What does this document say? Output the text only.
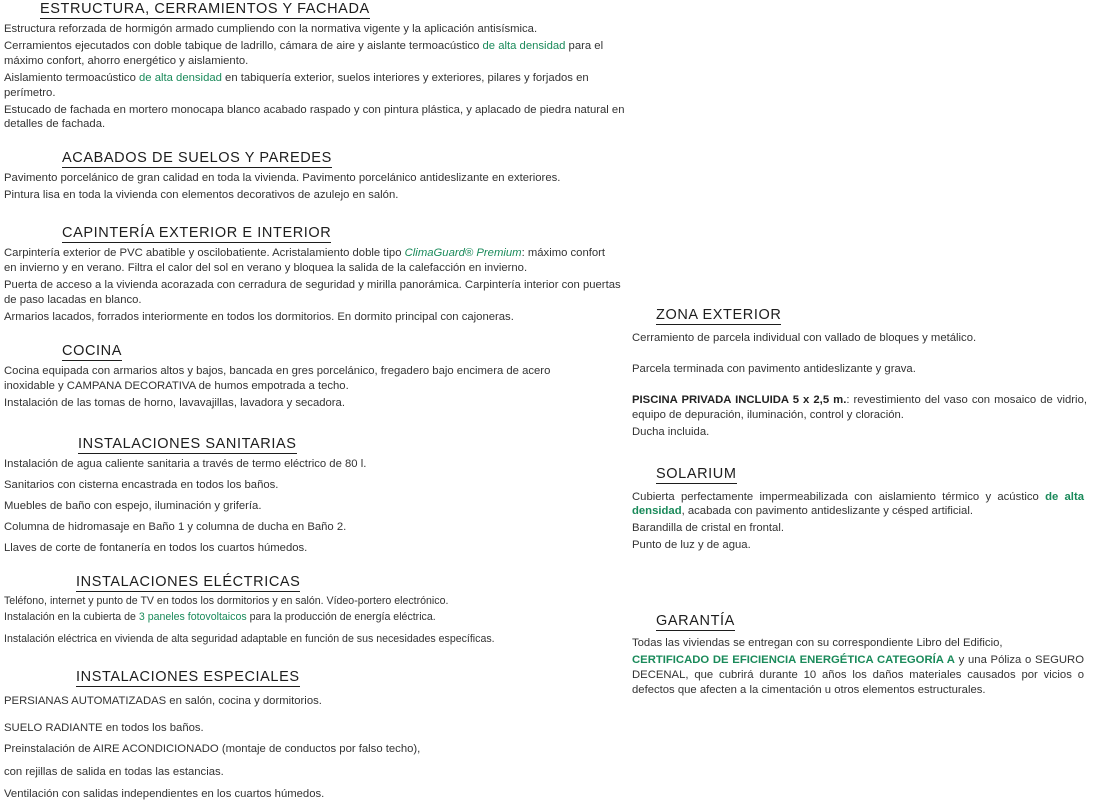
ESTRUCTURA, CERRAMIENTOS Y FACHADA

Estructura reforzada de hormigón armado cumpliendo con la normativa vigente y la aplicación antisísmica.

Cerramientos ejecutados con doble tabique de ladrillo, cámara de aire y aislante termoacústico de alta densidad para el máximo confort, ahorro energético y aislamiento.

Aislamiento termoacústico de alta densidad en tabiquería exterior, suelos interiores y exteriores, pilares y forjados en perímetro.

Estucado de fachada en mortero monocapa blanco acabado raspado y con pintura plástica, y aplacado de piedra natural en detalles de fachada.

ACABADOS DE SUELOS Y PAREDES

Pavimento porcelánico de gran calidad en toda la vivienda. Pavimento porcelánico antideslizante en exteriores.

Pintura lisa en toda la vivienda con elementos decorativos de azulejo en salón.

CAPINTERÍA EXTERIOR E INTERIOR

Carpintería exterior de PVC abatible y oscilobatiente. Acristalamiento doble tipo ClimaGuard® Premium: máximo confort en invierno y en verano. Filtra el calor del sol en verano y bloquea la salida de la calefacción en invierno.

Puerta de acceso a la vivienda acorazada con cerradura de seguridad y mirilla panorámica. Carpintería interior con puertas de paso lacadas en blanco.

Armarios lacados, forrados interiormente en todos los dormitorios. En dormito principal con cajoneras.

COCINA

Cocina equipada con armarios altos y bajos, bancada en gres porcelánico, fregadero bajo encimera de acero inoxidable y CAMPANA DECORATIVA de humos empotrada a techo.

Instalación de las tomas de horno, lavavajillas, lavadora y secadora.

INSTALACIONES SANITARIAS

Instalación de agua caliente sanitaria a través de termo eléctrico de 80 l.

Sanitarios con cisterna encastrada en todos los baños.

Muebles de baño con espejo, iluminación y grifería.

Columna de hidromasaje en Baño 1 y columna de ducha en Baño 2.

Llaves de corte de fontanería en todos los cuartos húmedos.

INSTALACIONES ELÉCTRICAS

Teléfono, internet y punto de TV en todos los dormitorios y en salón. Vídeo-portero electrónico.

Instalación en la cubierta de 3 paneles fotovoltaicos para la producción de energía eléctrica.

Instalación eléctrica en vivienda de alta seguridad adaptable en función de sus necesidades específicas.

INSTALACIONES ESPECIALES

PERSIANAS AUTOMATIZADAS en salón, cocina y dormitorios.

SUELO RADIANTE en todos los baños.

Preinstalación de AIRE ACONDICIONADO (montaje de conductos por falso techo),

con rejillas de salida en todas las estancias.

Ventilación con salidas independientes en los cuartos húmedos.

ZONA EXTERIOR

Cerramiento de parcela individual con vallado de bloques y metálico.

Parcela terminada con pavimento antideslizante y grava.

PISCINA PRIVADA INCLUIDA 5 x 2,5 m.: revestimiento del vaso con mosaico de vidrio, equipo de depuración, iluminación, control y cloración.

Ducha incluida.

SOLARIUM

Cubierta perfectamente impermeabilizada con aislamiento térmico y acústico de alta densidad, acabada con pavimento antideslizante y césped artificial.

Barandilla de cristal en frontal.

Punto de luz y de agua.

GARANTÍA

Todas las viviendas se entregan con su correspondiente Libro del Edificio,

CERTIFICADO DE EFICIENCIA ENERGÉTICA CATEGORÍA A y una Póliza o SEGURO DECENAL, que cubrirá durante 10 años los daños materiales causados por vicios o defectos que afecten a la cimentación u otros elementos estructurales.
